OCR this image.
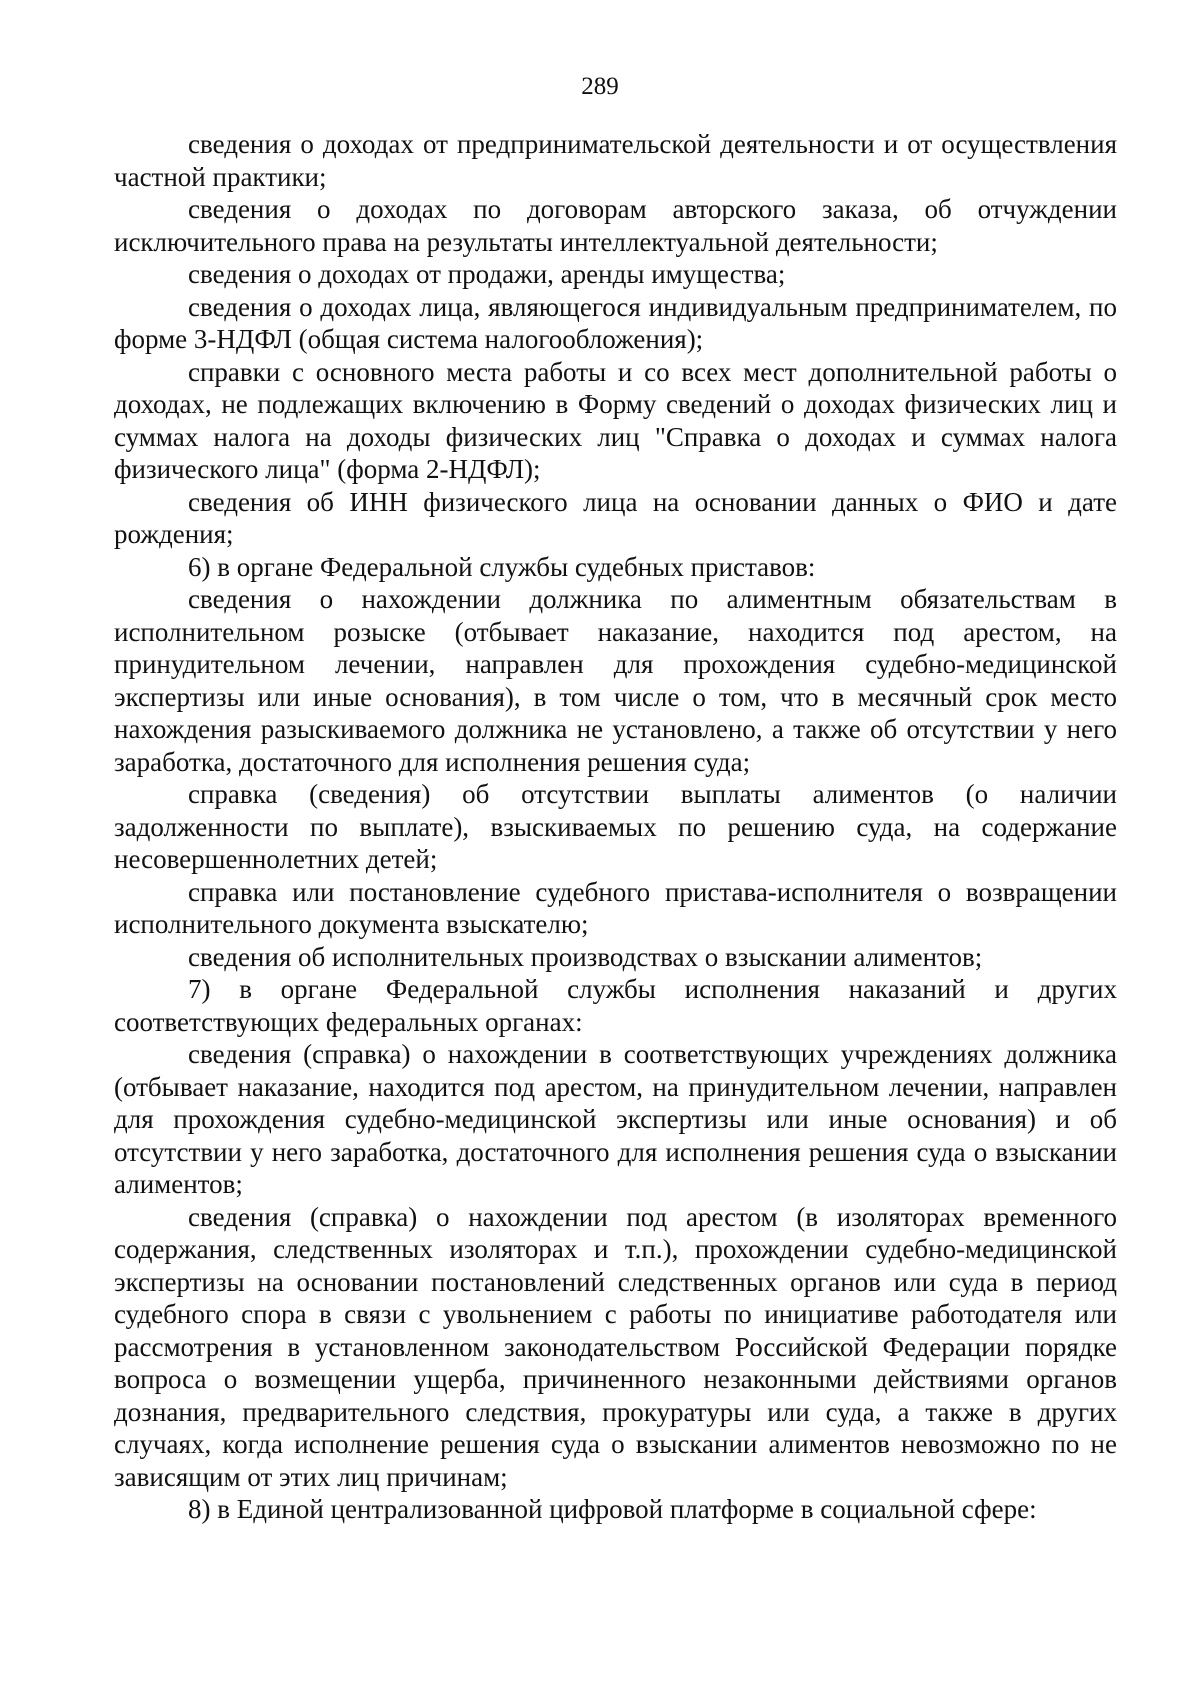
289

сведения о доходах от предпринимательской деятельности и от осуществления частной практики;

сведения о доходах по договорам авторского заказа, об отчуждении исключительного права на результаты интеллектуальной деятельности;

сведения о доходах от продажи, аренды имущества;

сведения о доходах лица, являющегося индивидуальным предпринимателем, по форме 3-НДФЛ (общая система налогообложения);

справки с основного места работы и со всех мест дополнительной работы о доходах, не подлежащих включению в Форму сведений о доходах физических лиц и суммах налога на доходы физических лиц "Справка о доходах и суммах налога физического лица" (форма 2-НДФЛ);

сведения об ИНН физического лица на основании данных о ФИО и дате рождения;

6) в органе Федеральной службы судебных приставов:

сведения о нахождении должника по алиментным обязательствам в исполнительном розыске (отбывает наказание, находится под арестом, на принудительном лечении, направлен для прохождения судебно-медицинской экспертизы или иные основания), в том числе о том, что в месячный срок место нахождения разыскиваемого должника не установлено, а также об отсутствии у него заработка, достаточного для исполнения решения суда;

справка (сведения) об отсутствии выплаты алиментов (о наличии задолженности по выплате), взыскиваемых по решению суда, на содержание несовершеннолетних детей;

справка или постановление судебного пристава-исполнителя о возвращении исполнительного документа взыскателю;

сведения об исполнительных производствах о взыскании алиментов;

7) в органе Федеральной службы исполнения наказаний и других соответствующих федеральных органах:

сведения (справка) о нахождении в соответствующих учреждениях должника (отбывает наказание, находится под арестом, на принудительном лечении, направлен для прохождения судебно-медицинской экспертизы или иные основания) и об отсутствии у него заработка, достаточного для исполнения решения суда о взыскании алиментов;

сведения (справка) о нахождении под арестом (в изоляторах временного содержания, следственных изоляторах и т.п.), прохождении судебно-медицинской экспертизы на основании постановлений следственных органов или суда в период судебного спора в связи с увольнением с работы по инициативе работодателя или рассмотрения в установленном законодательством Российской Федерации порядке вопроса о возмещении ущерба, причиненного незаконными действиями органов дознания, предварительного следствия, прокуратуры или суда, а также в других случаях, когда исполнение решения суда о взыскании алиментов невозможно по не зависящим от этих лиц причинам;

8) в Единой централизованной цифровой платформе в социальной сфере:
